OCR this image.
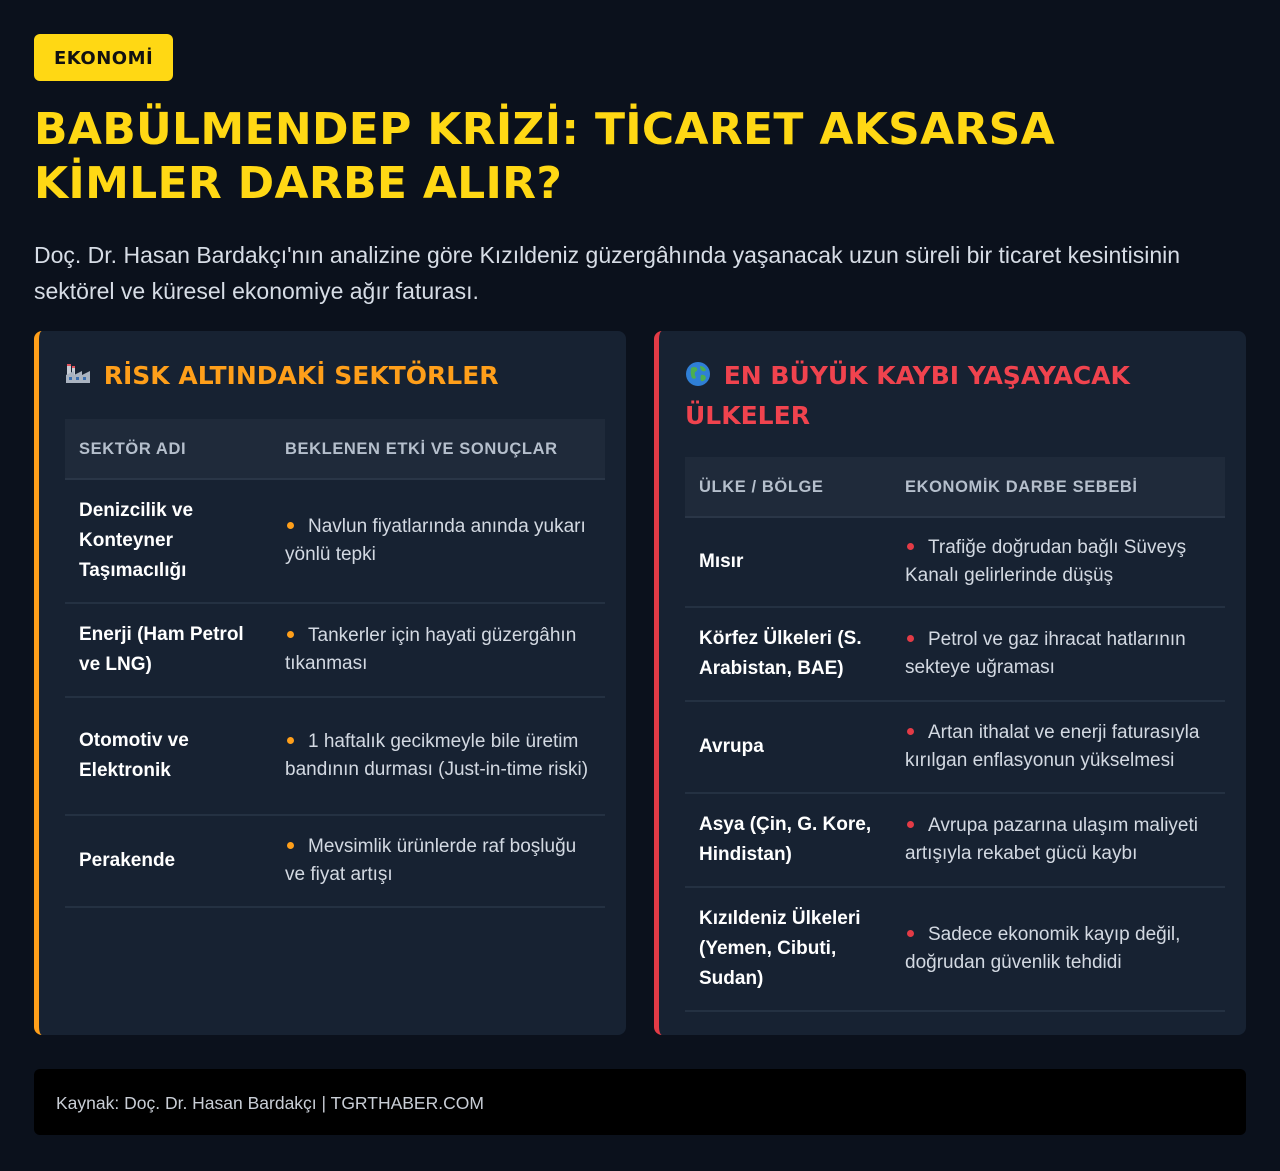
EKONOMİ
BABÜLMENDEP KRİZİ: TİCARET AKSARSA KİMLER DARBE ALIR?

Doç. Dr. Hasan Bardakçı'nın analizine göre Kızıldeniz güzergâhında yaşanacak uzun süreli bir ticaret kesintisinin sektörel ve küresel ekonomiye ağır faturası.

RİSK ALTINDAKİ SEKTÖRLER
SEKTÖR ADI	BEKLENEN ETKİ VE SONUÇLAR
Denizcilik ve Konteyner Taşımacılığı	Navlun fiyatlarında anında yukarı yönlü tepki
Enerji (Ham Petrol ve LNG)	Tankerler için hayati güzergâhın tıkanması
Otomotiv ve Elektronik	1 haftalık gecikmeyle bile üretim bandının durması (Just-in-time riski)
Perakende	Mevsimlik ürünlerde raf boşluğu ve fiyat artışı
EN BÜYÜK KAYBI YAŞAYACAK ÜLKELER
ÜLKE / BÖLGE	EKONOMİK DARBE SEBEBİ
Mısır	Trafiğe doğrudan bağlı Süveyş Kanalı gelirlerinde düşüş
Körfez Ülkeleri (S. Arabistan, BAE)	Petrol ve gaz ihracat hatlarının sekteye uğraması
Avrupa	Artan ithalat ve enerji faturasıyla kırılgan enflasyonun yükselmesi
Asya (Çin, G. Kore, Hindistan)	Avrupa pazarına ulaşım maliyeti artışıyla rekabet gücü kaybı
Kızıldeniz Ülkeleri (Yemen, Cibuti, Sudan)	Sadece ekonomik kayıp değil, doğrudan güvenlik tehdidi
Kaynak: Doç. Dr. Hasan Bardakçı | TGRTHABER.COM
